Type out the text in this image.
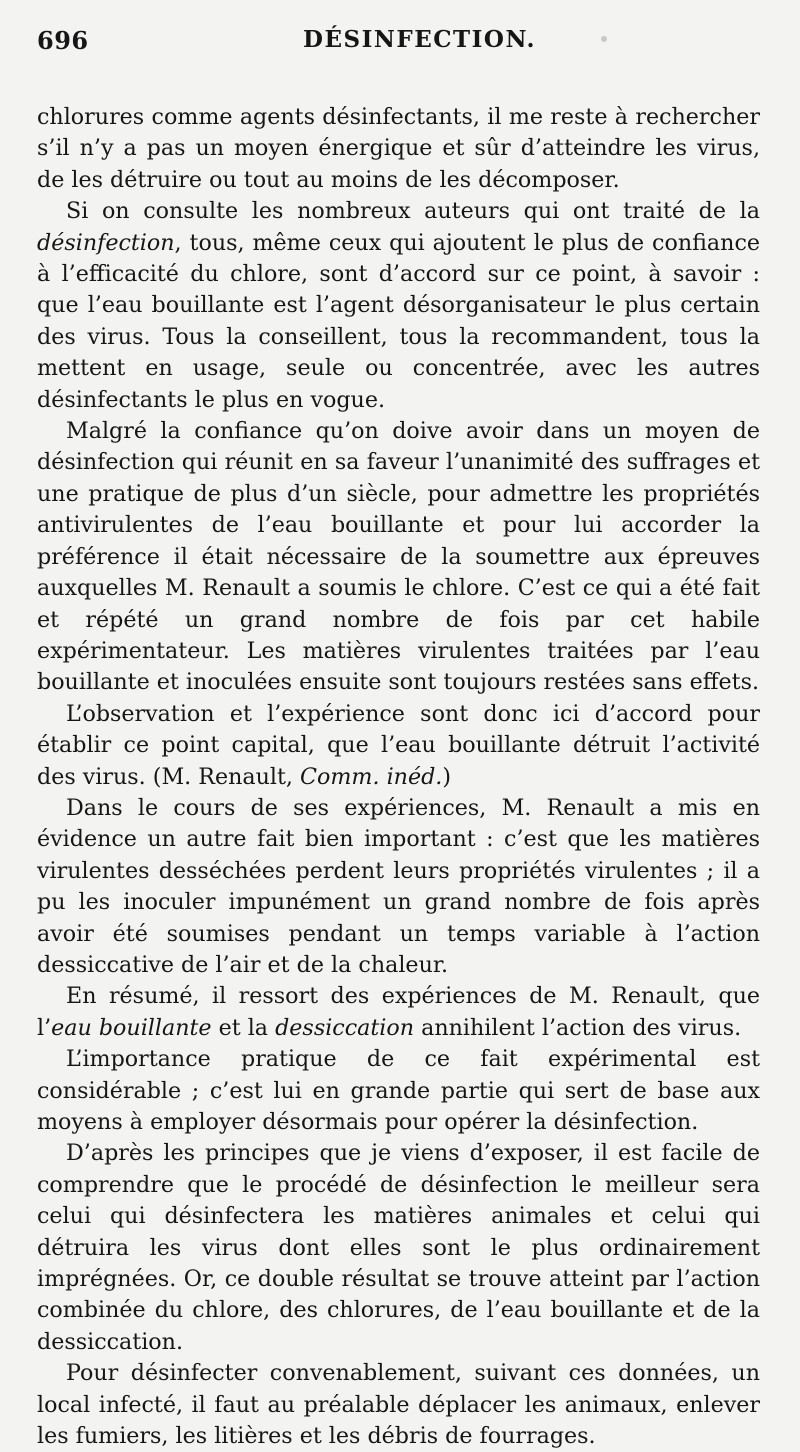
696	DÉSINFECTION.

chlorures comme agents désinfectants, il me reste à rechercher s’il n’y a pas un moyen énergique et sûr d’atteindre les virus, de les détruire ou tout au moins de les décomposer.

Si on consulte les nombreux auteurs qui ont traité de la désinfection, tous, même ceux qui ajoutent le plus de confiance à l’efficacité du chlore, sont d’accord sur ce point, à savoir : que l’eau bouillante est l’agent désorganisateur le plus certain des virus. Tous la conseillent, tous la recommandent, tous la mettent en usage, seule ou concentrée, avec les autres désinfectants le plus en vogue.

Malgré la confiance qu’on doive avoir dans un moyen de désinfection qui réunit en sa faveur l’unanimité des suffrages et une pratique de plus d’un siècle, pour admettre les propriétés antivirulentes de l’eau bouillante et pour lui accorder la préférence il était nécessaire de la soumettre aux épreuves auxquelles M. Renault a soumis le chlore. C’est ce qui a été fait et répété un grand nombre de fois par cet habile expérimentateur. Les matières virulentes traitées par l’eau bouillante et inoculées ensuite sont toujours restées sans effets.

L’observation et l’expérience sont donc ici d’accord pour établir ce point capital, que l’eau bouillante détruit l’activité des virus. (M. Renault, Comm. inéd.)

Dans le cours de ses expériences, M. Renault a mis en évidence un autre fait bien important : c’est que les matières virulentes desséchées perdent leurs propriétés virulentes ; il a pu les inoculer impunément un grand nombre de fois après avoir été soumises pendant un temps variable à l’action dessiccative de l’air et de la chaleur.

En résumé, il ressort des expériences de M. Renault, que l’eau bouillante et la dessiccation annihilent l’action des virus.

L’importance pratique de ce fait expérimental est considérable ; c’est lui en grande partie qui sert de base aux moyens à employer désormais pour opérer la désinfection.

D’après les principes que je viens d’exposer, il est facile de comprendre que le procédé de désinfection le meilleur sera celui qui désinfectera les matières animales et celui qui détruira les virus dont elles sont le plus ordinairement imprégnées. Or, ce double résultat se trouve atteint par l’action combinée du chlore, des chlorures, de l’eau bouillante et de la dessiccation.

Pour désinfecter convenablement, suivant ces données, un local infecté, il faut au préalable déplacer les animaux, enlever les fumiers, les litières et les débris de fourrages.
